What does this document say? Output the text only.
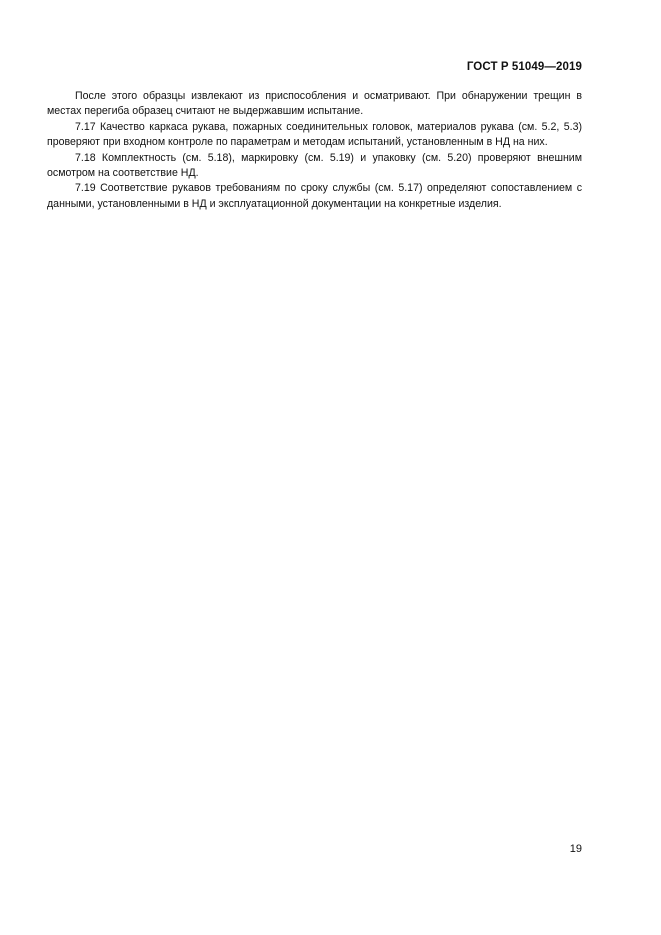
ГОСТ Р 51049—2019

После этого образцы извлекают из приспособления и осматривают. При обнаружении трещин в местах перегиба образец считают не выдержавшим испытание.

7.17 Качество каркаса рукава, пожарных соединительных головок, материалов рукава (см. 5.2, 5.3) проверяют при входном контроле по параметрам и методам испытаний, установленным в НД на них.

7.18 Комплектность (см. 5.18), маркировку (см. 5.19) и упаковку (см. 5.20) проверяют внешним осмотром на соответствие НД.

7.19 Соответствие рукавов требованиям по сроку службы (см. 5.17) определяют сопоставлением с данными, установленными в НД и эксплуатационной документации на конкретные изделия.

19
